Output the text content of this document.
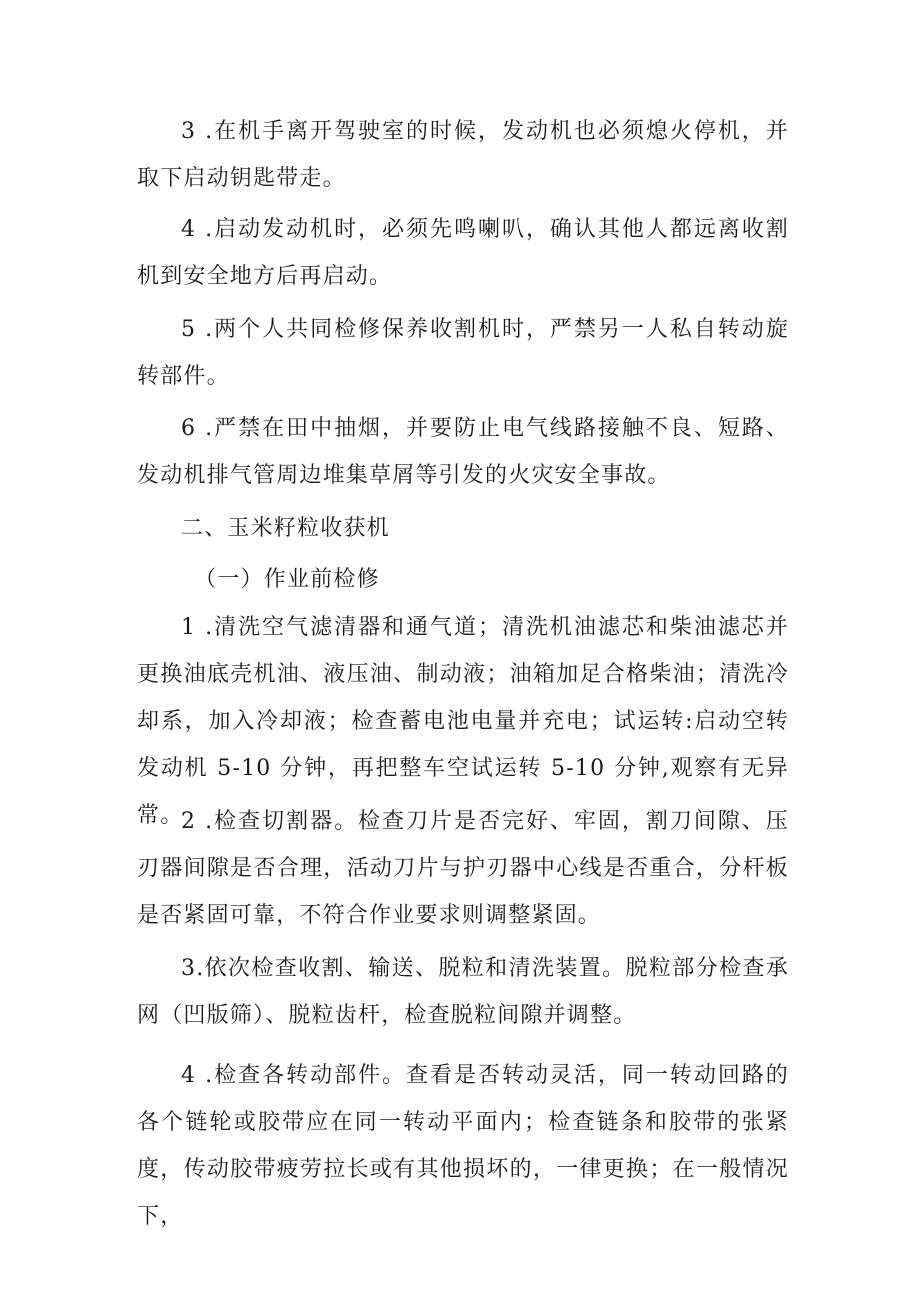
3 .在机手离开驾驶室的时候，发动机也必须熄火停机，并取下启动钥匙带走。

4 .启动发动机时，必须先鸣喇叭，确认其他人都远离收割机到安全地方后再启动。

5 .两个人共同检修保养收割机时，严禁另一人私自转动旋转部件。

6 .严禁在田中抽烟，并要防止电气线路接触不良、短路、发动机排气管周边堆集草屑等引发的火灾安全事故。

二、玉米籽粒收获机

（一）作业前检修

1 .清洗空气滤清器和通气道；清洗机油滤芯和柴油滤芯并更换油底壳机油、液压油、制动液；油箱加足合格柴油；清洗冷却系，加入冷却液；检查蓄电池电量并充电；试运转:启动空转发动机 5-10 分钟，再把整车空试运转 5-10 分钟,观察有无异常。

2 .检查切割器。检查刀片是否完好、牢固，割刀间隙、压刃器间隙是否合理，活动刀片与护刃器中心线是否重合，分杆板是否紧固可靠，不符合作业要求则调整紧固。

3.依次检查收割、输送、脱粒和清洗装置。脱粒部分检查承网（凹版筛）、脱粒齿杆，检查脱粒间隙并调整。

4 .检查各转动部件。查看是否转动灵活，同一转动回路的各个链轮或胶带应在同一转动平面内；检查链条和胶带的张紧度，传动胶带疲劳拉长或有其他损坏的，一律更换；在一般情况下，
